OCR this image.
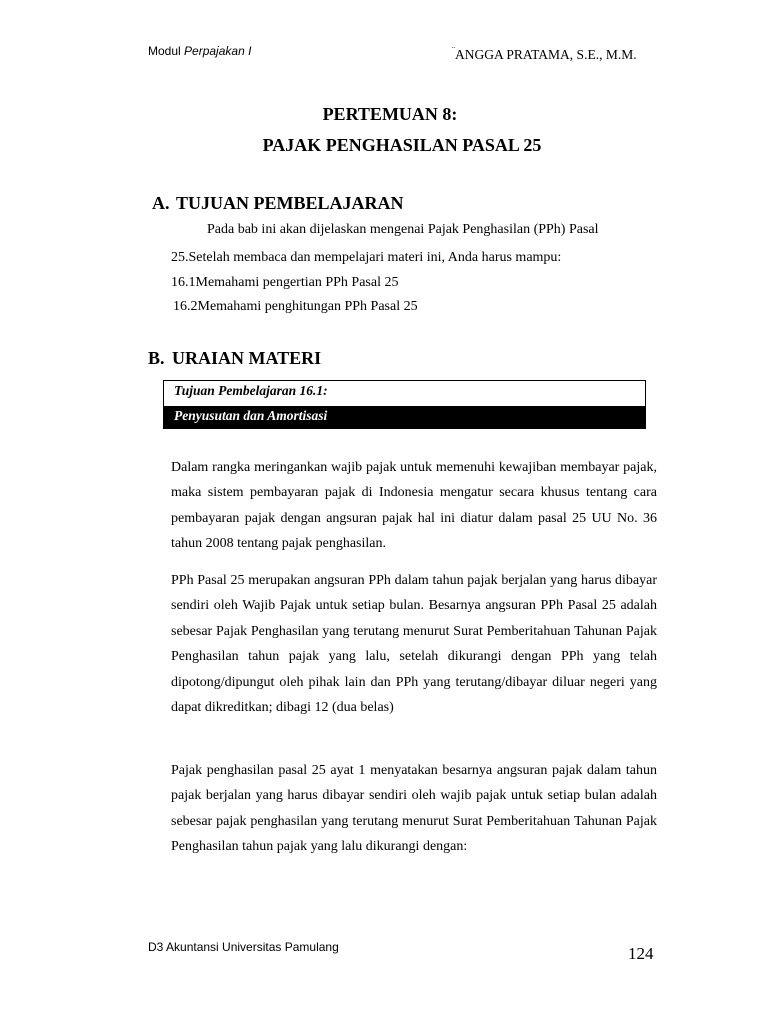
Modul Perpajakan I	¨ANGGA PRATAMA, S.E., M.M.
PERTEMUAN 8:
PAJAK PENGHASILAN PASAL 25
A. TUJUAN PEMBELAJARAN
Pada bab ini akan dijelaskan mengenai Pajak Penghasilan (PPh) Pasal
25.Setelah membaca dan mempelajari materi ini, Anda harus mampu:
16.1Memahami pengertian PPh Pasal 25
16.2Memahami penghitungan PPh Pasal 25
B. URAIAN MATERI
Tujuan Pembelajaran 16.1:
Penyusutan dan Amortisasi
Dalam rangka meringankan wajib pajak untuk memenuhi kewajiban membayar pajak, maka sistem pembayaran pajak di Indonesia mengatur secara khusus tentang cara pembayaran pajak dengan angsuran pajak hal ini diatur dalam pasal 25 UU No. 36 tahun 2008 tentang pajak penghasilan.
PPh Pasal 25 merupakan angsuran PPh dalam tahun pajak berjalan yang harus dibayar sendiri oleh Wajib Pajak untuk setiap bulan. Besarnya angsuran PPh Pasal 25 adalah sebesar Pajak Penghasilan yang terutang menurut Surat Pemberitahuan Tahunan Pajak Penghasilan tahun pajak yang lalu, setelah dikurangi dengan PPh yang telah dipotong/dipungut oleh pihak lain dan PPh yang terutang/dibayar diluar negeri yang dapat dikreditkan; dibagi 12 (dua belas)
Pajak penghasilan pasal 25 ayat 1 menyatakan besarnya angsuran pajak dalam tahun pajak berjalan yang harus dibayar sendiri oleh wajib pajak untuk setiap bulan adalah sebesar pajak penghasilan yang terutang menurut Surat Pemberitahuan Tahunan Pajak Penghasilan tahun pajak yang lalu dikurangi dengan:
D3 Akuntansi Universitas Pamulang	124
